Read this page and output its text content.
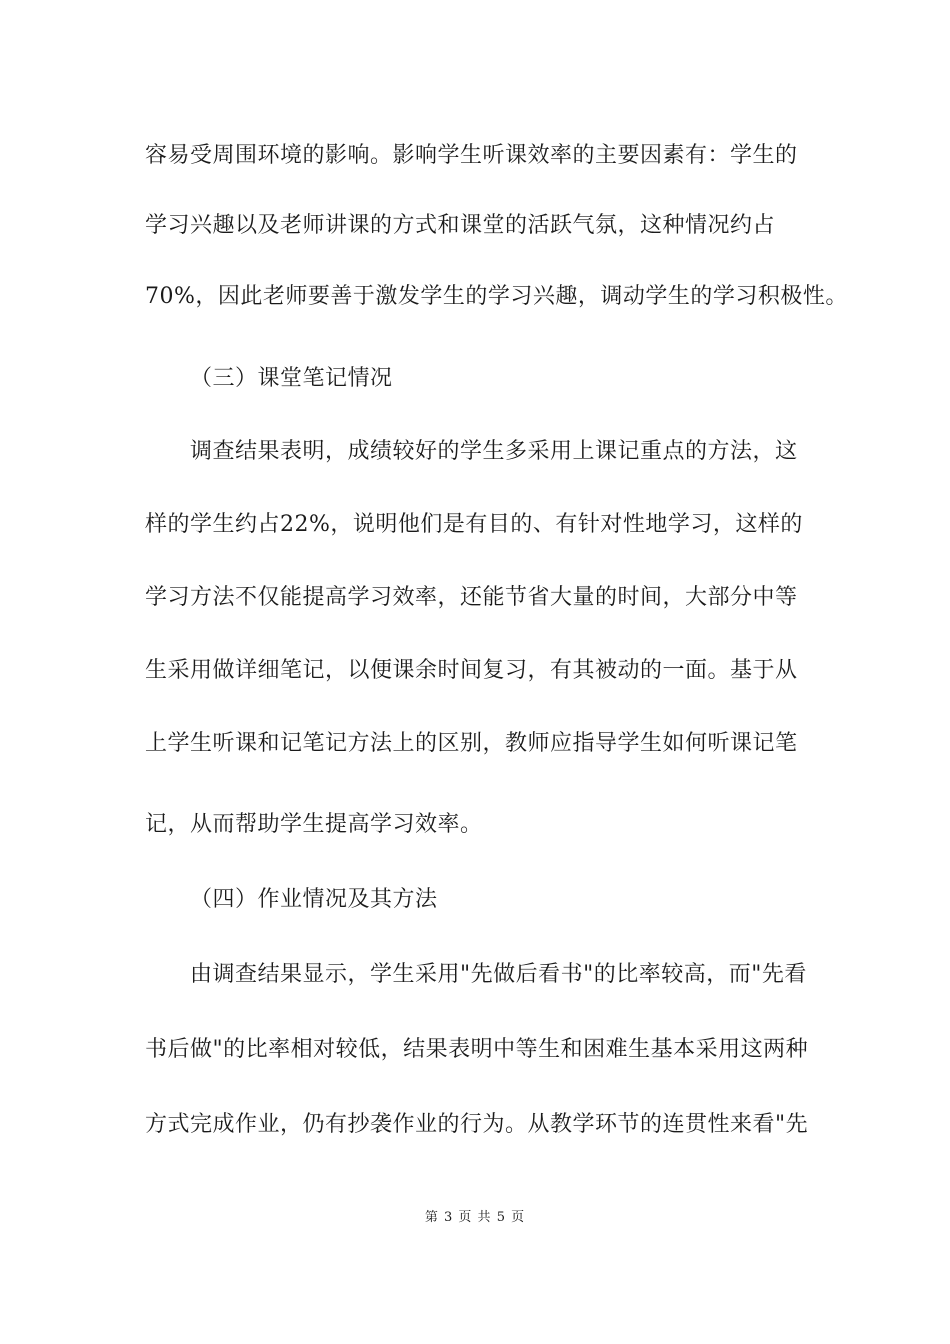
容易受周围环境的影响。影响学生听课效率的主要因素有：学生的
学习兴趣以及老师讲课的方式和课堂的活跃气氛，这种情况约占
70%，因此老师要善于激发学生的学习兴趣，调动学生的学习积极性。
（三）课堂笔记情况
调查结果表明，成绩较好的学生多采用上课记重点的方法，这
样的学生约占22%，说明他们是有目的、有针对性地学习，这样的
学习方法不仅能提高学习效率，还能节省大量的时间，大部分中等
生采用做详细笔记，以便课余时间复习，有其被动的一面。基于从
上学生听课和记笔记方法上的区别，教师应指导学生如何听课记笔
记，从而帮助学生提高学习效率。
（四）作业情况及其方法
由调查结果显示，学生采用"先做后看书"的比率较高，而"先看
书后做"的比率相对较低，结果表明中等生和困难生基本采用这两种
方式完成作业，仍有抄袭作业的行为。从教学环节的连贯性来看"先
第 3 页 共 5 页
